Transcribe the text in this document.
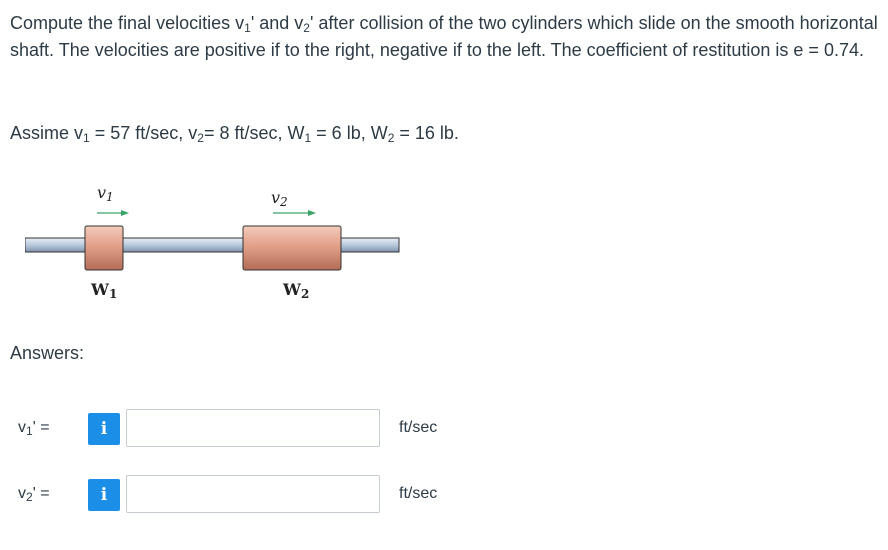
Compute the final velocities $v_1'$ and $v_2'$ after collision of the two cylinders which slide on the smooth horizontal shaft. The velocities are positive if to the right, negative if to the left. The coefficient of restitution is e = 0.74.
Assime $v_1 = 57$ ft/sec, $v_2= 8$ ft/sec, $W_1 = 6$ lb, $W_2 = 16$ lb.
$v_1$	$v_2$
$W_1$	$W_2$
Answers:
$v_1'$ =	i	ft/sec
$v_2'$ =	i	ft/sec
